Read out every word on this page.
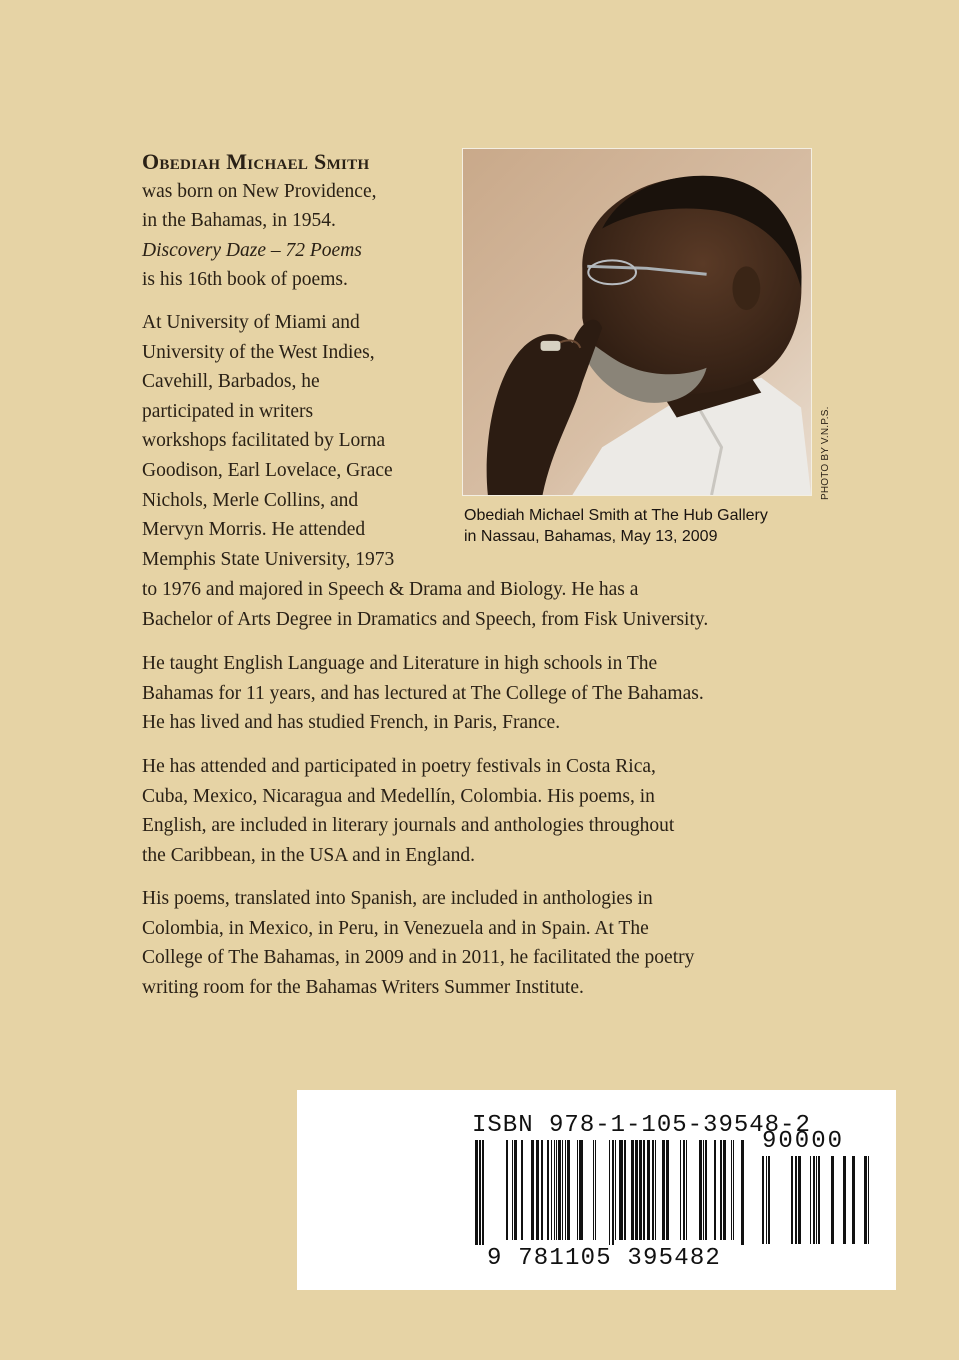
Obediah Michael Smith

was born on New Providence,

in the Bahamas, in 1954.

Discovery Daze – 72 Poems

is his 16th book of poems.

At University of Miami and
University of the West Indies,
Cavehill, Barbados, he
participated in writers
workshops facilitated by Lorna
Goodison, Earl Lovelace, Grace
Nichols, Merle Collins, and
Mervyn Morris. He attended
Memphis State University, 1973
to 1976 and majored in Speech & Drama and Biology. He has a
Bachelor of Arts Degree in Dramatics and Speech, from Fisk University.
He taught English Language and Literature in high schools in The
Bahamas for 11 years, and has lectured at The College of The Bahamas.
He has lived and has studied French, in Paris, France.
He has attended and participated in poetry festivals in Costa Rica,
Cuba, Mexico, Nicaragua and Medellín, Colombia. His poems, in
English, are included in literary journals and anthologies throughout
the Caribbean, in the USA and in England.
His poems, translated into Spanish, are included in anthologies in
Colombia, in Mexico, in Peru, in Venezuela and in Spain. At The
College of The Bahamas, in 2009 and in 2011, he facilitated the poetry
writing room for the Bahamas Writers Summer Institute.
PHOTO BY V.N.P.S.
Obediah Michael Smith at The Hub Gallery
in Nassau, Bahamas, May 13, 2009
ISBN 978-1-105-39548-2
90000
9 781105 395482
